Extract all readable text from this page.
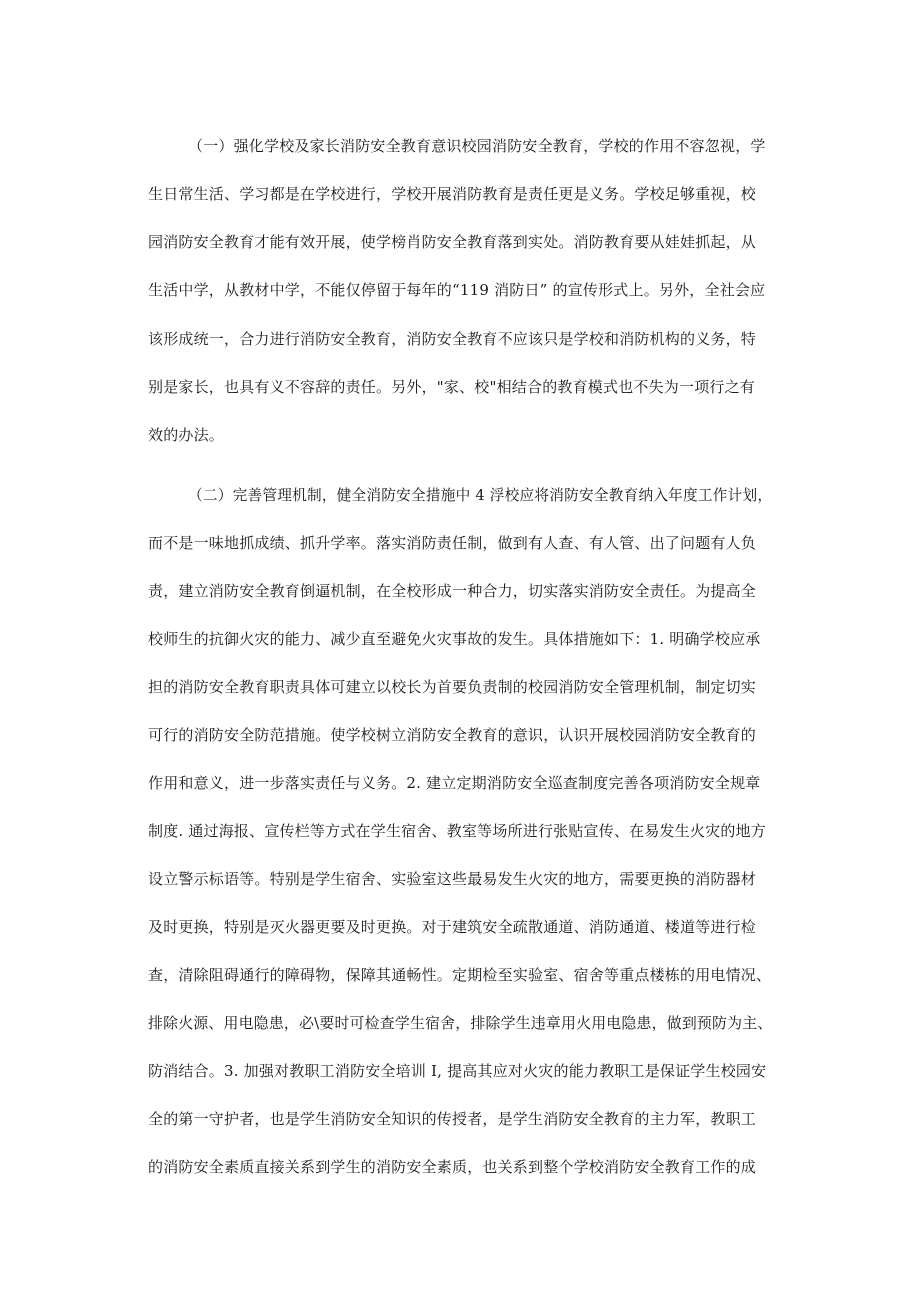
（一）强化学校及家长消防安全教育意识校园消防安全教育，学校的作用不容忽视，学
生日常生活、学习都是在学校进行，学校开展消防教育是责任更是义务。学校足够重视，校
园消防安全教育才能有效开展，使学榜肖防安全教育落到实处。消防教育要从娃娃抓起，从
生活中学，从教材中学，不能仅停留于每年的“119 消防日” 的宣传形式上。另外，全社会应
该形成统一，合力进行消防安全教育，消防安全教育不应该只是学校和消防机构的义务，特
别是家长，也具有义不容辞的责任。另外，"家、校"相结合的教育模式也不失为一项行之有
效的办法。
（二）完善管理机制，健全消防安全措施中 4 浮校应将消防安全教育纳入年度工作计划，
而不是一味地抓成绩、抓升学率。落实消防责任制，做到有人查、有人管、出了问题有人负
责，建立消防安全教育倒逼机制，在全校形成一种合力，切实落实消防安全责任。为提高全
校师生的抗御火灾的能力、减少直至避免火灾事故的发生。具体措施如下：1. 明确学校应承
担的消防安全教育职责具体可建立以校长为首要负责制的校园消防安全管理机制，制定切实
可行的消防安全防范措施。使学校树立消防安全教育的意识，认识开展校园消防安全教育的
作用和意义，进一步落实责任与义务。2. 建立定期消防安全巡查制度完善各项消防安全规章
制度. 通过海报、宣传栏等方式在学生宿舍、教室等场所进行张贴宣传、在易发生火灾的地方
设立警示标语等。特别是学生宿舍、实验室这些最易发生火灾的地方，需要更换的消防器材
及时更换，特别是灭火器更要及时更换。对于建筑安全疏散通道、消防通道、楼道等进行检
查，清除阻碍通行的障碍物，保障其通畅性。定期检至实验室、宿舍等重点楼栋的用电情况、
排除火源、用电隐患，必\要时可检查学生宿舍，排除学生违章用火用电隐患，做到预防为主、
防消结合。3. 加强对教职工消防安全培训 I, 提高其应对火灾的能力教职工是保证学生校园安
全的第一守护者，也是学生消防安全知识的传授者，是学生消防安全教育的主力军，教职工
的消防安全素质直接关系到学生的消防安全素质，也关系到整个学校消防安全教育工作的成
